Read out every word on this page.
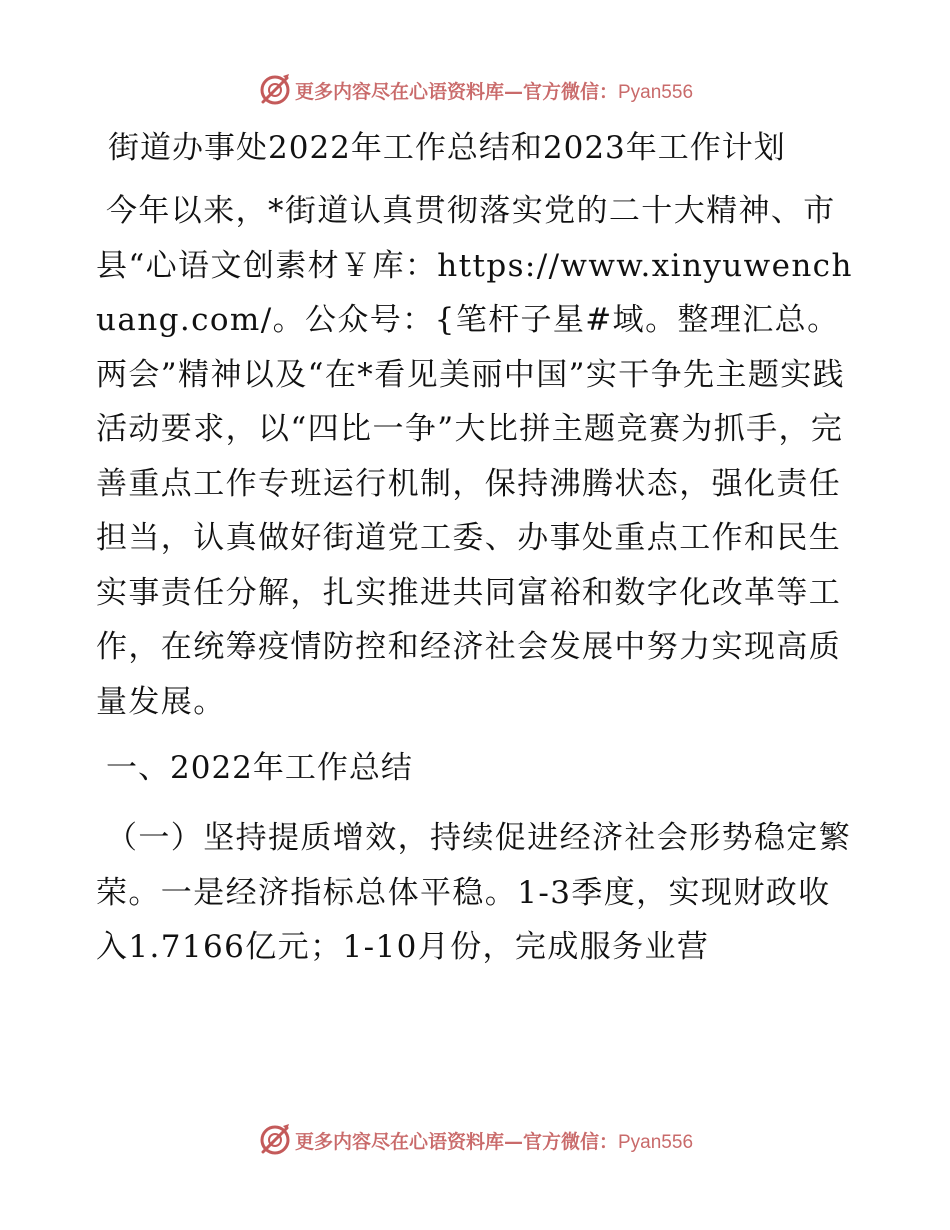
更多内容尽在心语资料库—官方微信：Pyan556
街道办事处2022年工作总结和2023年工作计划

今年以来，*街道认真贯彻落实党的二十大精神、市县“心语文创素材￥库：https://www.xinyuwenchuang.com/。公众号：{笔杆子星#域。整理汇总。两会”精神以及“在*看见美丽中国”实干争先主题实践活动要求，以“四比一争”大比拼主题竞赛为抓手，完善重点工作专班运行机制，保持沸腾状态，强化责任担当，认真做好街道党工委、办事处重点工作和民生实事责任分解，扎实推进共同富裕和数字化改革等工作，在统筹疫情防控和经济社会发展中努力实现高质量发展。

一、2022年工作总结

（一）坚持提质增效，持续促进经济社会形势稳定繁荣。一是经济指标总体平稳。1-3季度，实现财政收入1.7166亿元；1-10月份，完成服务业营

更多内容尽在心语资料库—官方微信：Pyan556
